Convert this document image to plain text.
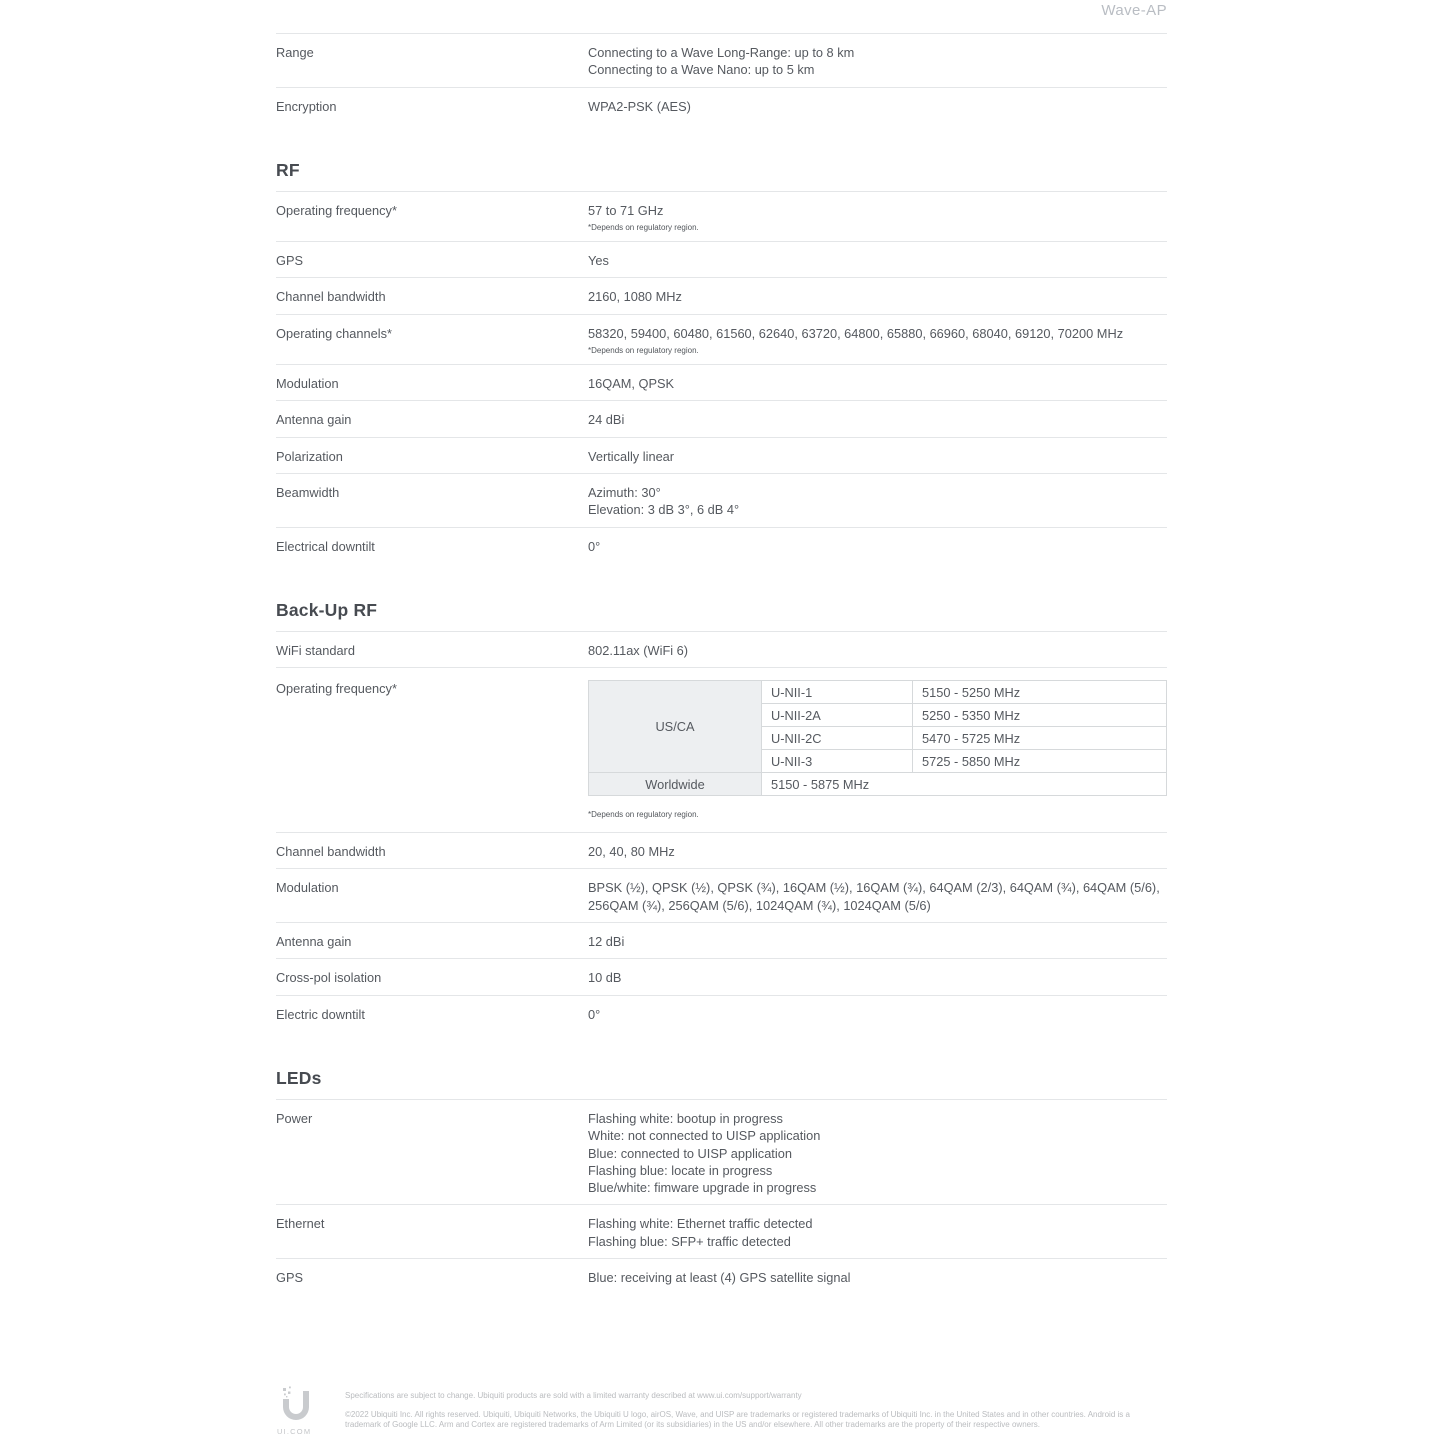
Wave-AP
Range	Connecting to a Wave Long-Range: up to 8 km
Connecting to a Wave Nano: up to 5 km
Encryption	WPA2-PSK (AES)
RF
Operating frequency*	57 to 71 GHz
*Depends on regulatory region.
GPS	Yes
Channel bandwidth	2160, 1080 MHz
Operating channels*	58320, 59400, 60480, 61560, 62640, 63720, 64800, 65880, 66960, 68040, 69120, 70200 MHz
*Depends on regulatory region.
Modulation	16QAM, QPSK
Antenna gain	24 dBi
Polarization	Vertically linear
Beamwidth	Azimuth: 30°
Elevation: 3 dB 3°, 6 dB 4°
Electrical downtilt	0°
Back-Up RF
WiFi standard	802.11ax (WiFi 6)
Operating frequency*
US/CA	U-NII-1	5150 - 5250 MHz
	U-NII-2A	5250 - 5350 MHz
	U-NII-2C	5470 - 5725 MHz
	U-NII-3	5725 - 5850 MHz
Worldwide	5150 - 5875 MHz	
*Depends on regulatory region.
Channel bandwidth	20, 40, 80 MHz
Modulation	BPSK (½), QPSK (½), QPSK (¾), 16QAM (½), 16QAM (¾), 64QAM (2/3), 64QAM (¾), 64QAM (5/6), 256QAM (¾), 256QAM (5/6), 1024QAM (¾), 1024QAM (5/6)
Antenna gain	12 dBi
Cross-pol isolation	10 dB
Electric downtilt	0°
LEDs
Power	Flashing white: bootup in progress
White: not connected to UISP application
Blue: connected to UISP application
Flashing blue: locate in progress
Blue/white: fimware upgrade in progress
Ethernet	Flashing white: Ethernet traffic detected
Flashing blue: SFP+ traffic detected
GPS	Blue: receiving at least (4) GPS satellite signal
UI.COM
Specifications are subject to change. Ubiquiti products are sold with a limited warranty described at www.ui.com/support/warranty
©2022 Ubiquiti Inc. All rights reserved. Ubiquiti, Ubiquiti Networks, the Ubiquiti U logo, airOS, Wave, and UISP are trademarks or registered trademarks of Ubiquiti Inc. in the United States and in other countries. Android is a trademark of Google LLC. Arm and Cortex are registered trademarks of Arm Limited (or its subsidiaries) in the US and/or elsewhere. All other trademarks are the property of their respective owners.
